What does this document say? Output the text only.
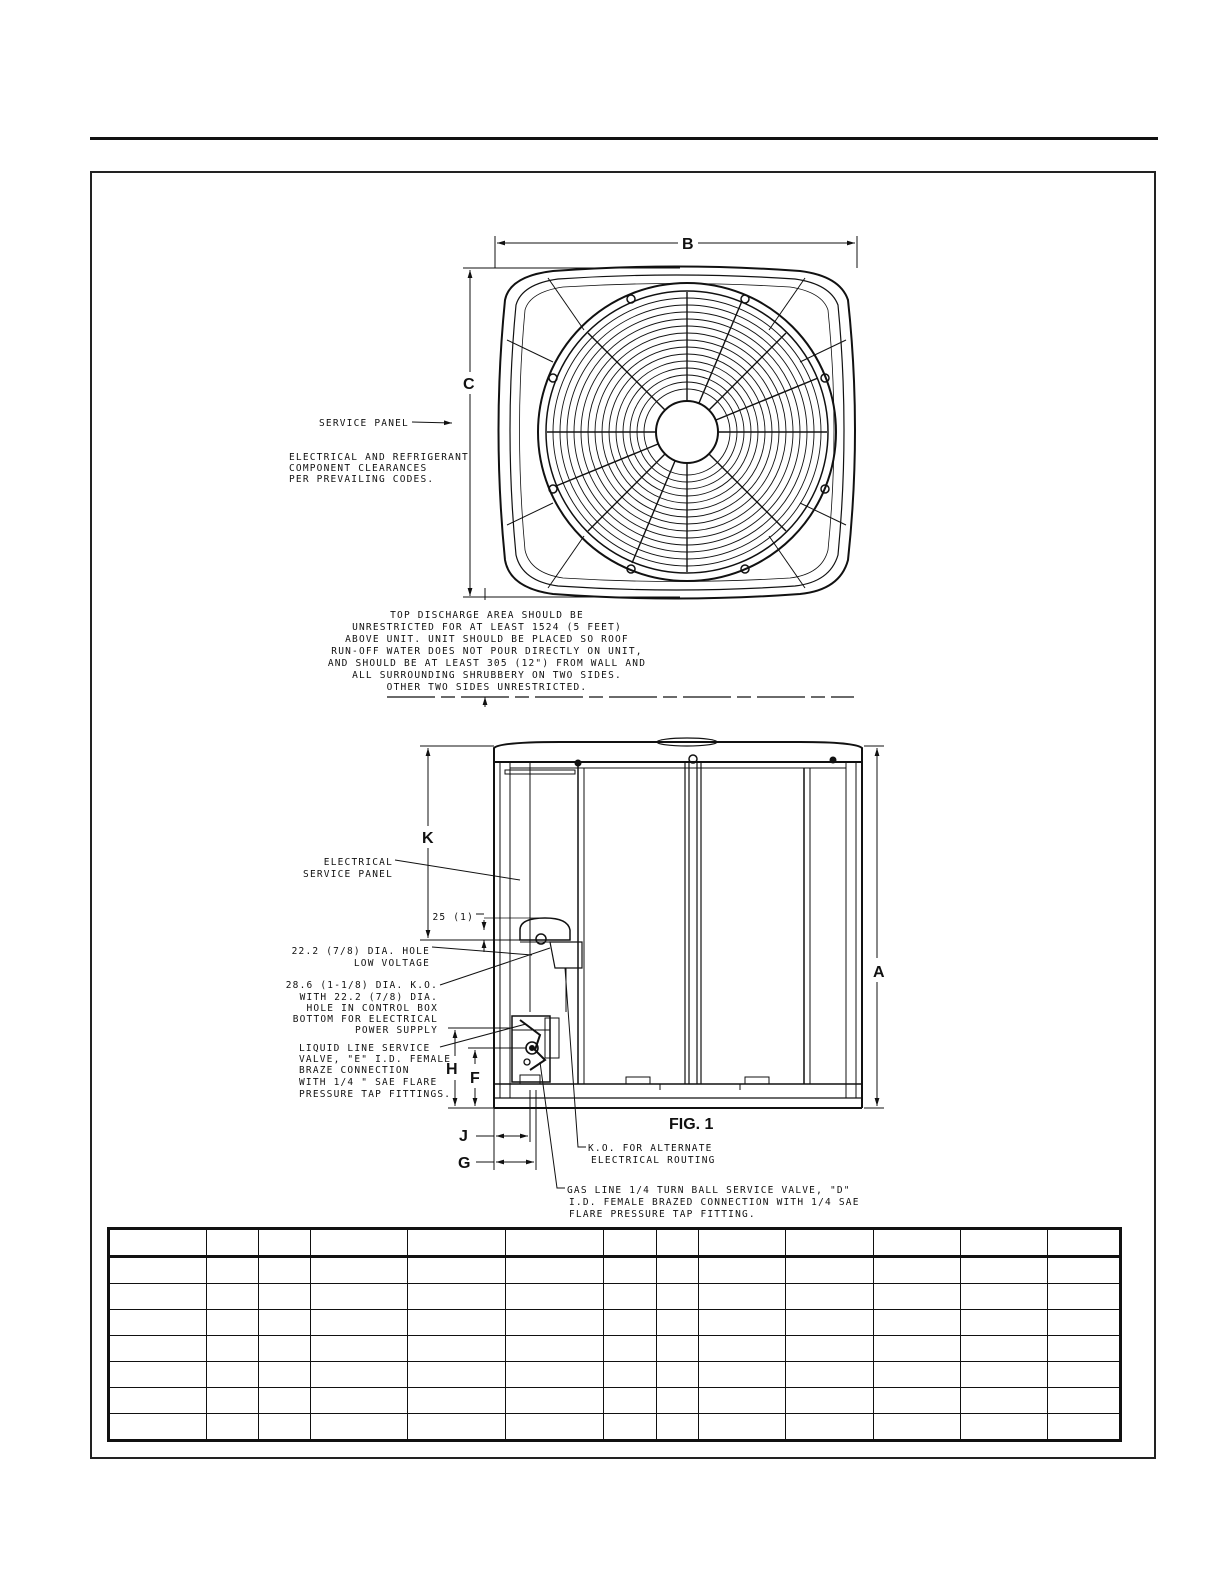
B
C
SERVICE PANEL
ELECTRICAL AND REFRIGERANT
COMPONENT CLEARANCES
PER PREVAILING CODES.
TOP DISCHARGE AREA SHOULD BE
UNRESTRICTED FOR AT LEAST 1524 (5 FEET)
ABOVE UNIT. UNIT SHOULD BE PLACED SO ROOF
RUN-OFF WATER DOES NOT POUR DIRECTLY ON UNIT,
AND SHOULD BE AT LEAST 305 (12") FROM WALL AND
ALL SURROUNDING SHRUBBERY ON TWO SIDES.
OTHER TWO SIDES UNRESTRICTED.
A
K
H
F
J
G
FIG. 1
ELECTRICAL
SERVICE PANEL
25 (1)
22.2 (7/8) DIA. HOLE
LOW VOLTAGE
28.6 (1-1/8) DIA. K.O.
WITH 22.2 (7/8) DIA.
HOLE IN CONTROL BOX
BOTTOM FOR ELECTRICAL
POWER SUPPLY
LIQUID LINE SERVICE
VALVE, "E" I.D. FEMALE
BRAZE CONNECTION
WITH 1/4 " SAE FLARE
PRESSURE TAP FITTINGS.
K.O. FOR ALTERNATE
ELECTRICAL ROUTING
GAS LINE 1/4 TURN BALL SERVICE VALVE, "D"
I.D. FEMALE BRAZED CONNECTION WITH 1/4 SAE
FLARE PRESSURE TAP FITTING.
